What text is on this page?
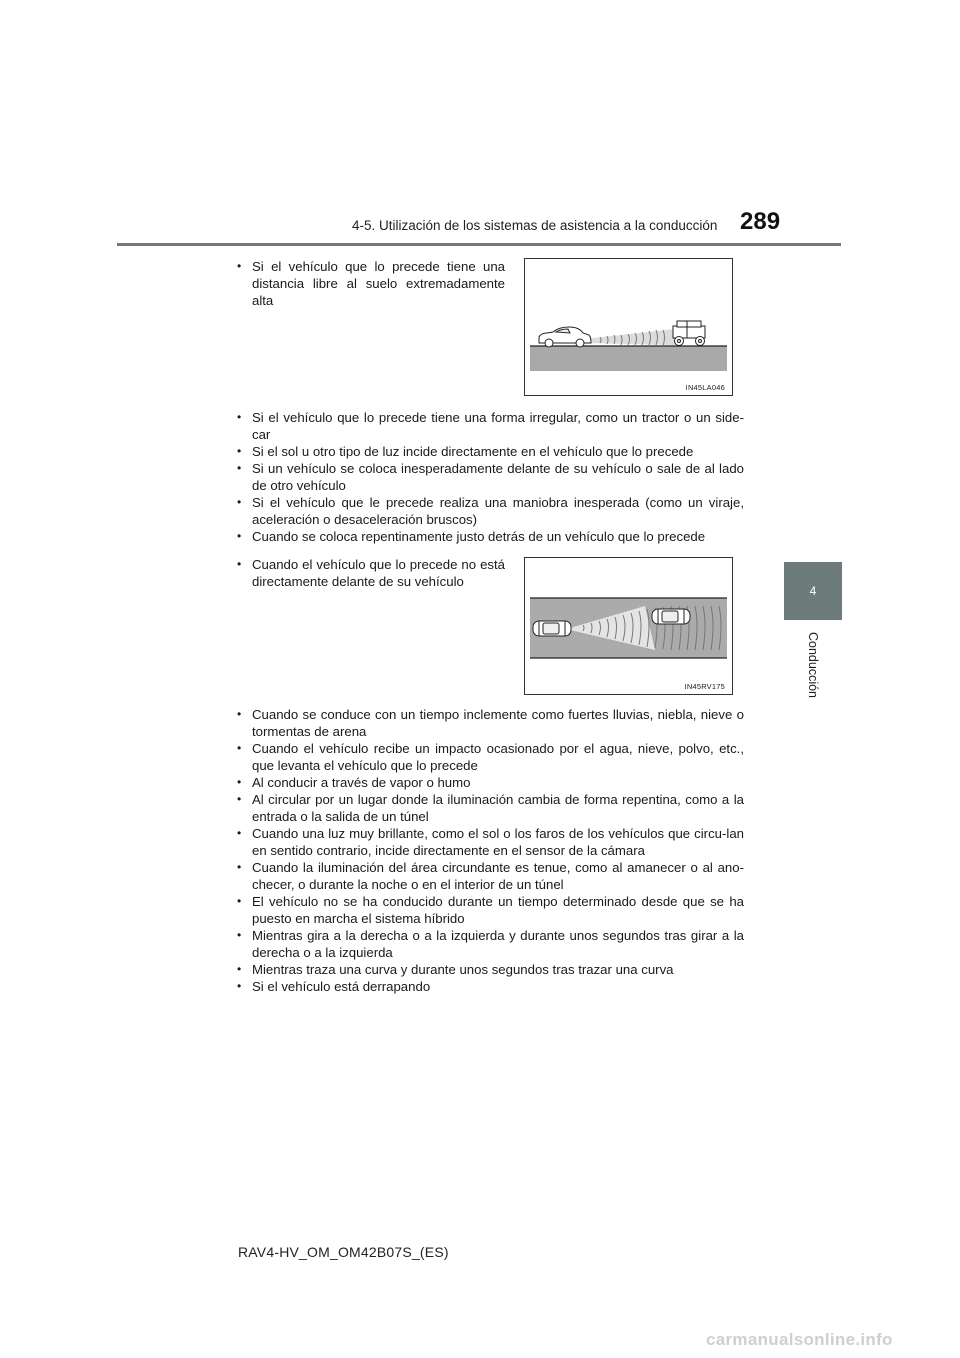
4-5. Utilización de los sistemas de asistencia a la conducción 289
4
Conducción
• Si el vehículo que lo precede tiene una distancia libre al suelo extremadamente alta
IN45LA046
• Si el vehículo que lo precede tiene una forma irregular, como un tractor o un side-car
• Si el sol u otro tipo de luz incide directamente en el vehículo que lo precede
• Si un vehículo se coloca inesperadamente delante de su vehículo o sale de al lado de otro vehículo
• Si el vehículo que le precede realiza una maniobra inesperada (como un viraje, aceleración o desaceleración bruscos)
• Cuando se coloca repentinamente justo detrás de un vehículo que lo precede
• Cuando el vehículo que lo precede no está directamente delante de su vehículo
IN45RV175
• Cuando se conduce con un tiempo inclemente como fuertes lluvias, niebla, nieve o tormentas de arena
• Cuando el vehículo recibe un impacto ocasionado por el agua, nieve, polvo, etc., que levanta el vehículo que lo precede
• Al conducir a través de vapor o humo
• Al circular por un lugar donde la iluminación cambia de forma repentina, como a la entrada o la salida de un túnel
• Cuando una luz muy brillante, como el sol o los faros de los vehículos que circu-lan en sentido contrario, incide directamente en el sensor de la cámara
• Cuando la iluminación del área circundante es tenue, como al amanecer o al ano-checer, o durante la noche o en el interior de un túnel
• El vehículo no se ha conducido durante un tiempo determinado desde que se ha puesto en marcha el sistema híbrido
• Mientras gira a la derecha o a la izquierda y durante unos segundos tras girar a la derecha o a la izquierda
• Mientras traza una curva y durante unos segundos tras trazar una curva
• Si el vehículo está derrapando
RAV4-HV_OM_OM42B07S_(ES)
carmanualsonline.info
